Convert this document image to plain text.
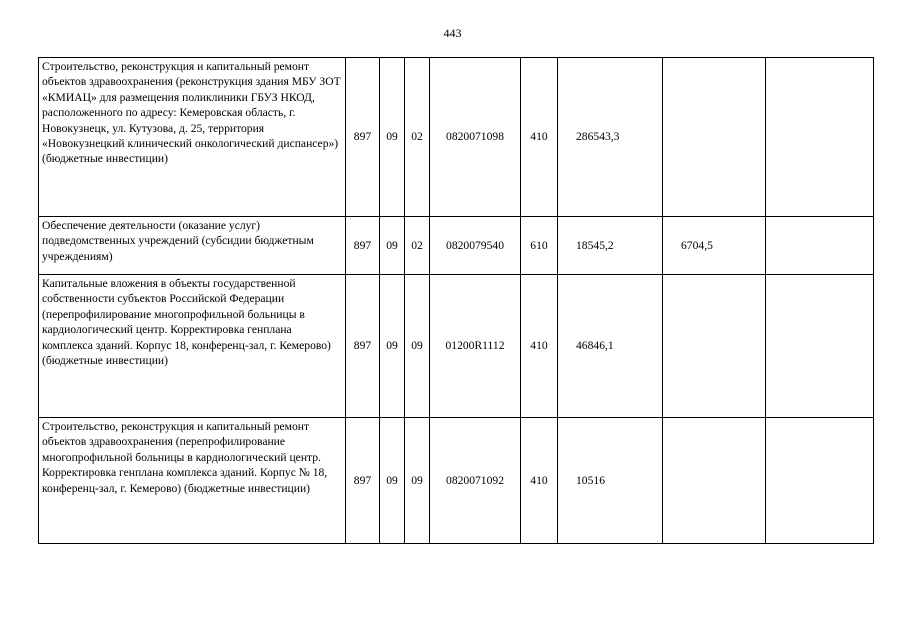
443
Строительство, реконструкция и капитальный ремонт объектов здравоохранения (реконструкция здания МБУ ЗОТ «КМИАЦ» для размещения поликлиники ГБУЗ НКОД, расположенного по адресу: Кемеровская область, г. Новокузнецк, ул. Кутузова, д. 25, территория «Новокузнецкий клинический онкологический диспансер») (бюджетные инвестиции)	897	09	02	0820071098	410	286543,3		
Обеспечение деятельности (оказание услуг) подведомственных учреждений (субсидии бюджетным учреждениям)	897	09	02	0820079540	610	18545,2	6704,5	
Капитальные вложения в объекты государственной собственности субъектов Российской Федерации (перепрофилирование многопрофильной больницы в кардиологический центр. Корректировка генплана комплекса зданий. Корпус 18, конференц-зал, г. Кемерово) (бюджетные инвестиции)	897	09	09	01200R1112	410	46846,1		
Строительство, реконструкция и капитальный ремонт объектов здравоохранения (перепрофилирование многопрофильной больницы в кардиологический центр. Корректировка генплана комплекса зданий. Корпус № 18, конференц-зал, г. Кемерово) (бюджетные инвестиции)	897	09	09	0820071092	410	10516		
